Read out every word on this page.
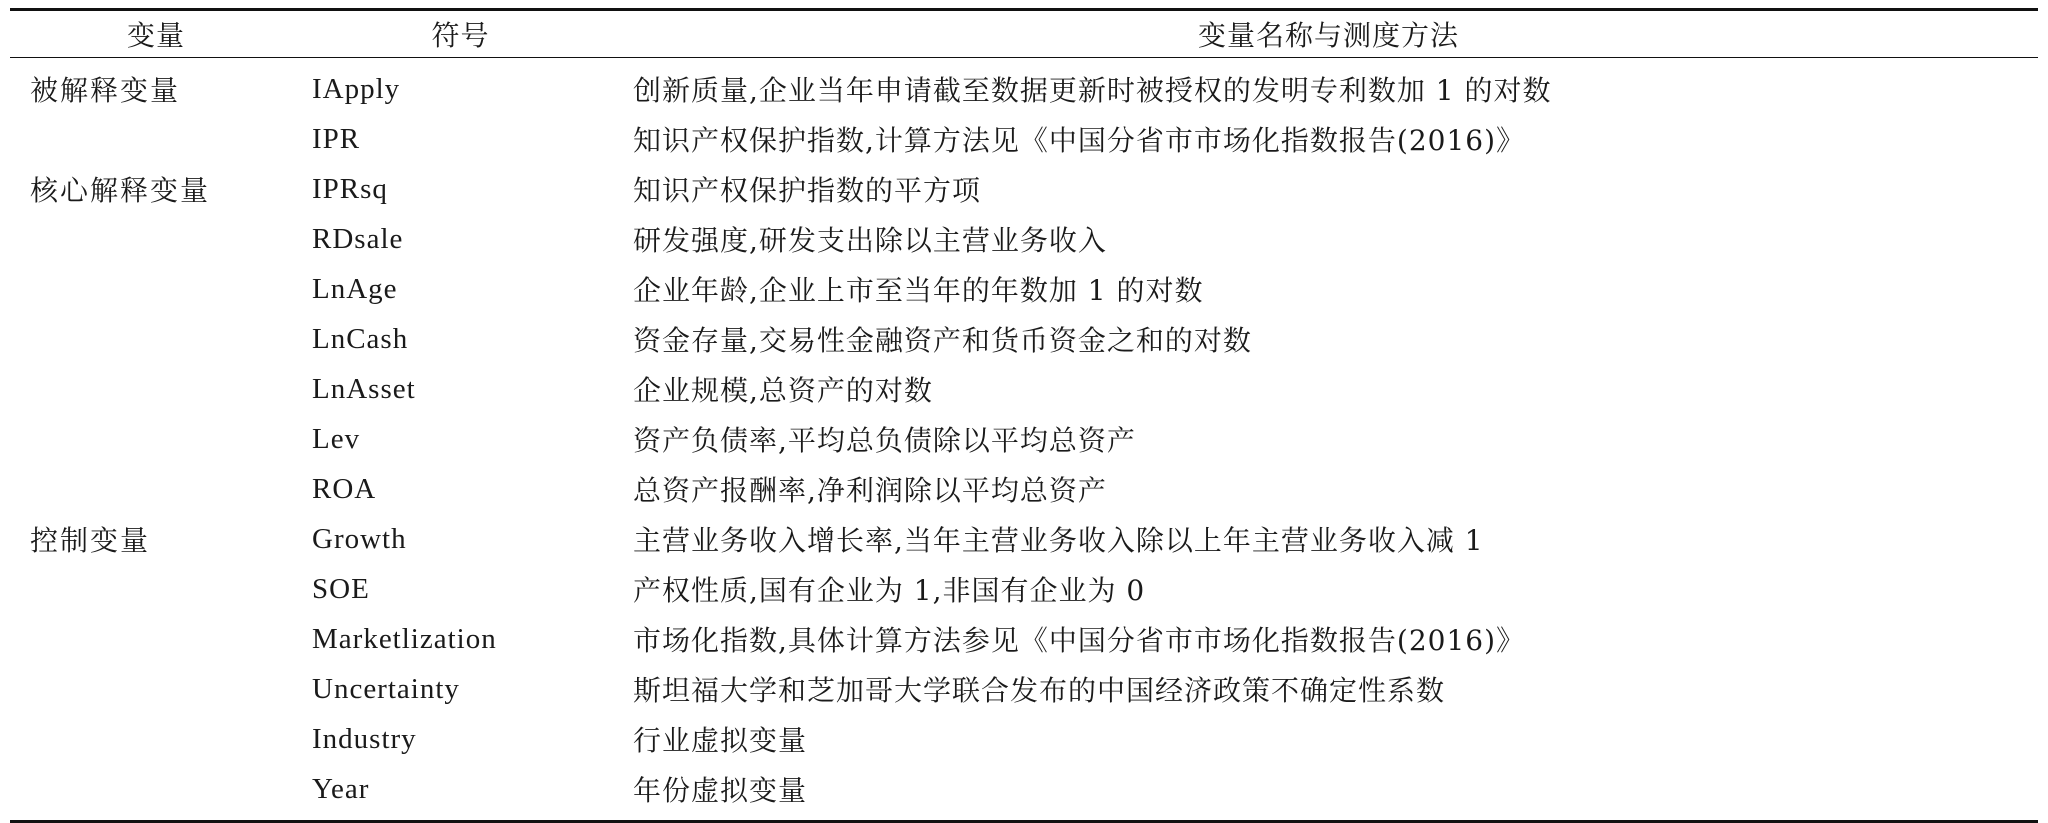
变量	符号	变量名称与测度方法
被解释变量	IApply	创新质量,企业当年申请截至数据更新时被授权的发明专利数加 1 的对数
	IPR	知识产权保护指数,计算方法见《中国分省市市场化指数报告(2016)》
核心解释变量	IPRsq	知识产权保护指数的平方项
	RDsale	研发强度,研发支出除以主营业务收入
	LnAge	企业年龄,企业上市至当年的年数加 1 的对数
	LnCash	资金存量,交易性金融资产和货币资金之和的对数
	LnAsset	企业规模,总资产的对数
	Lev	资产负债率,平均总负债除以平均总资产
	ROA	总资产报酬率,净利润除以平均总资产
控制变量	Growth	主营业务收入增长率,当年主营业务收入除以上年主营业务收入减 1
	SOE	产权性质,国有企业为 1,非国有企业为 0
	Marketlization	市场化指数,具体计算方法参见《中国分省市市场化指数报告(2016)》
	Uncertainty	斯坦福大学和芝加哥大学联合发布的中国经济政策不确定性系数
	Industry	行业虚拟变量
	Year	年份虚拟变量
